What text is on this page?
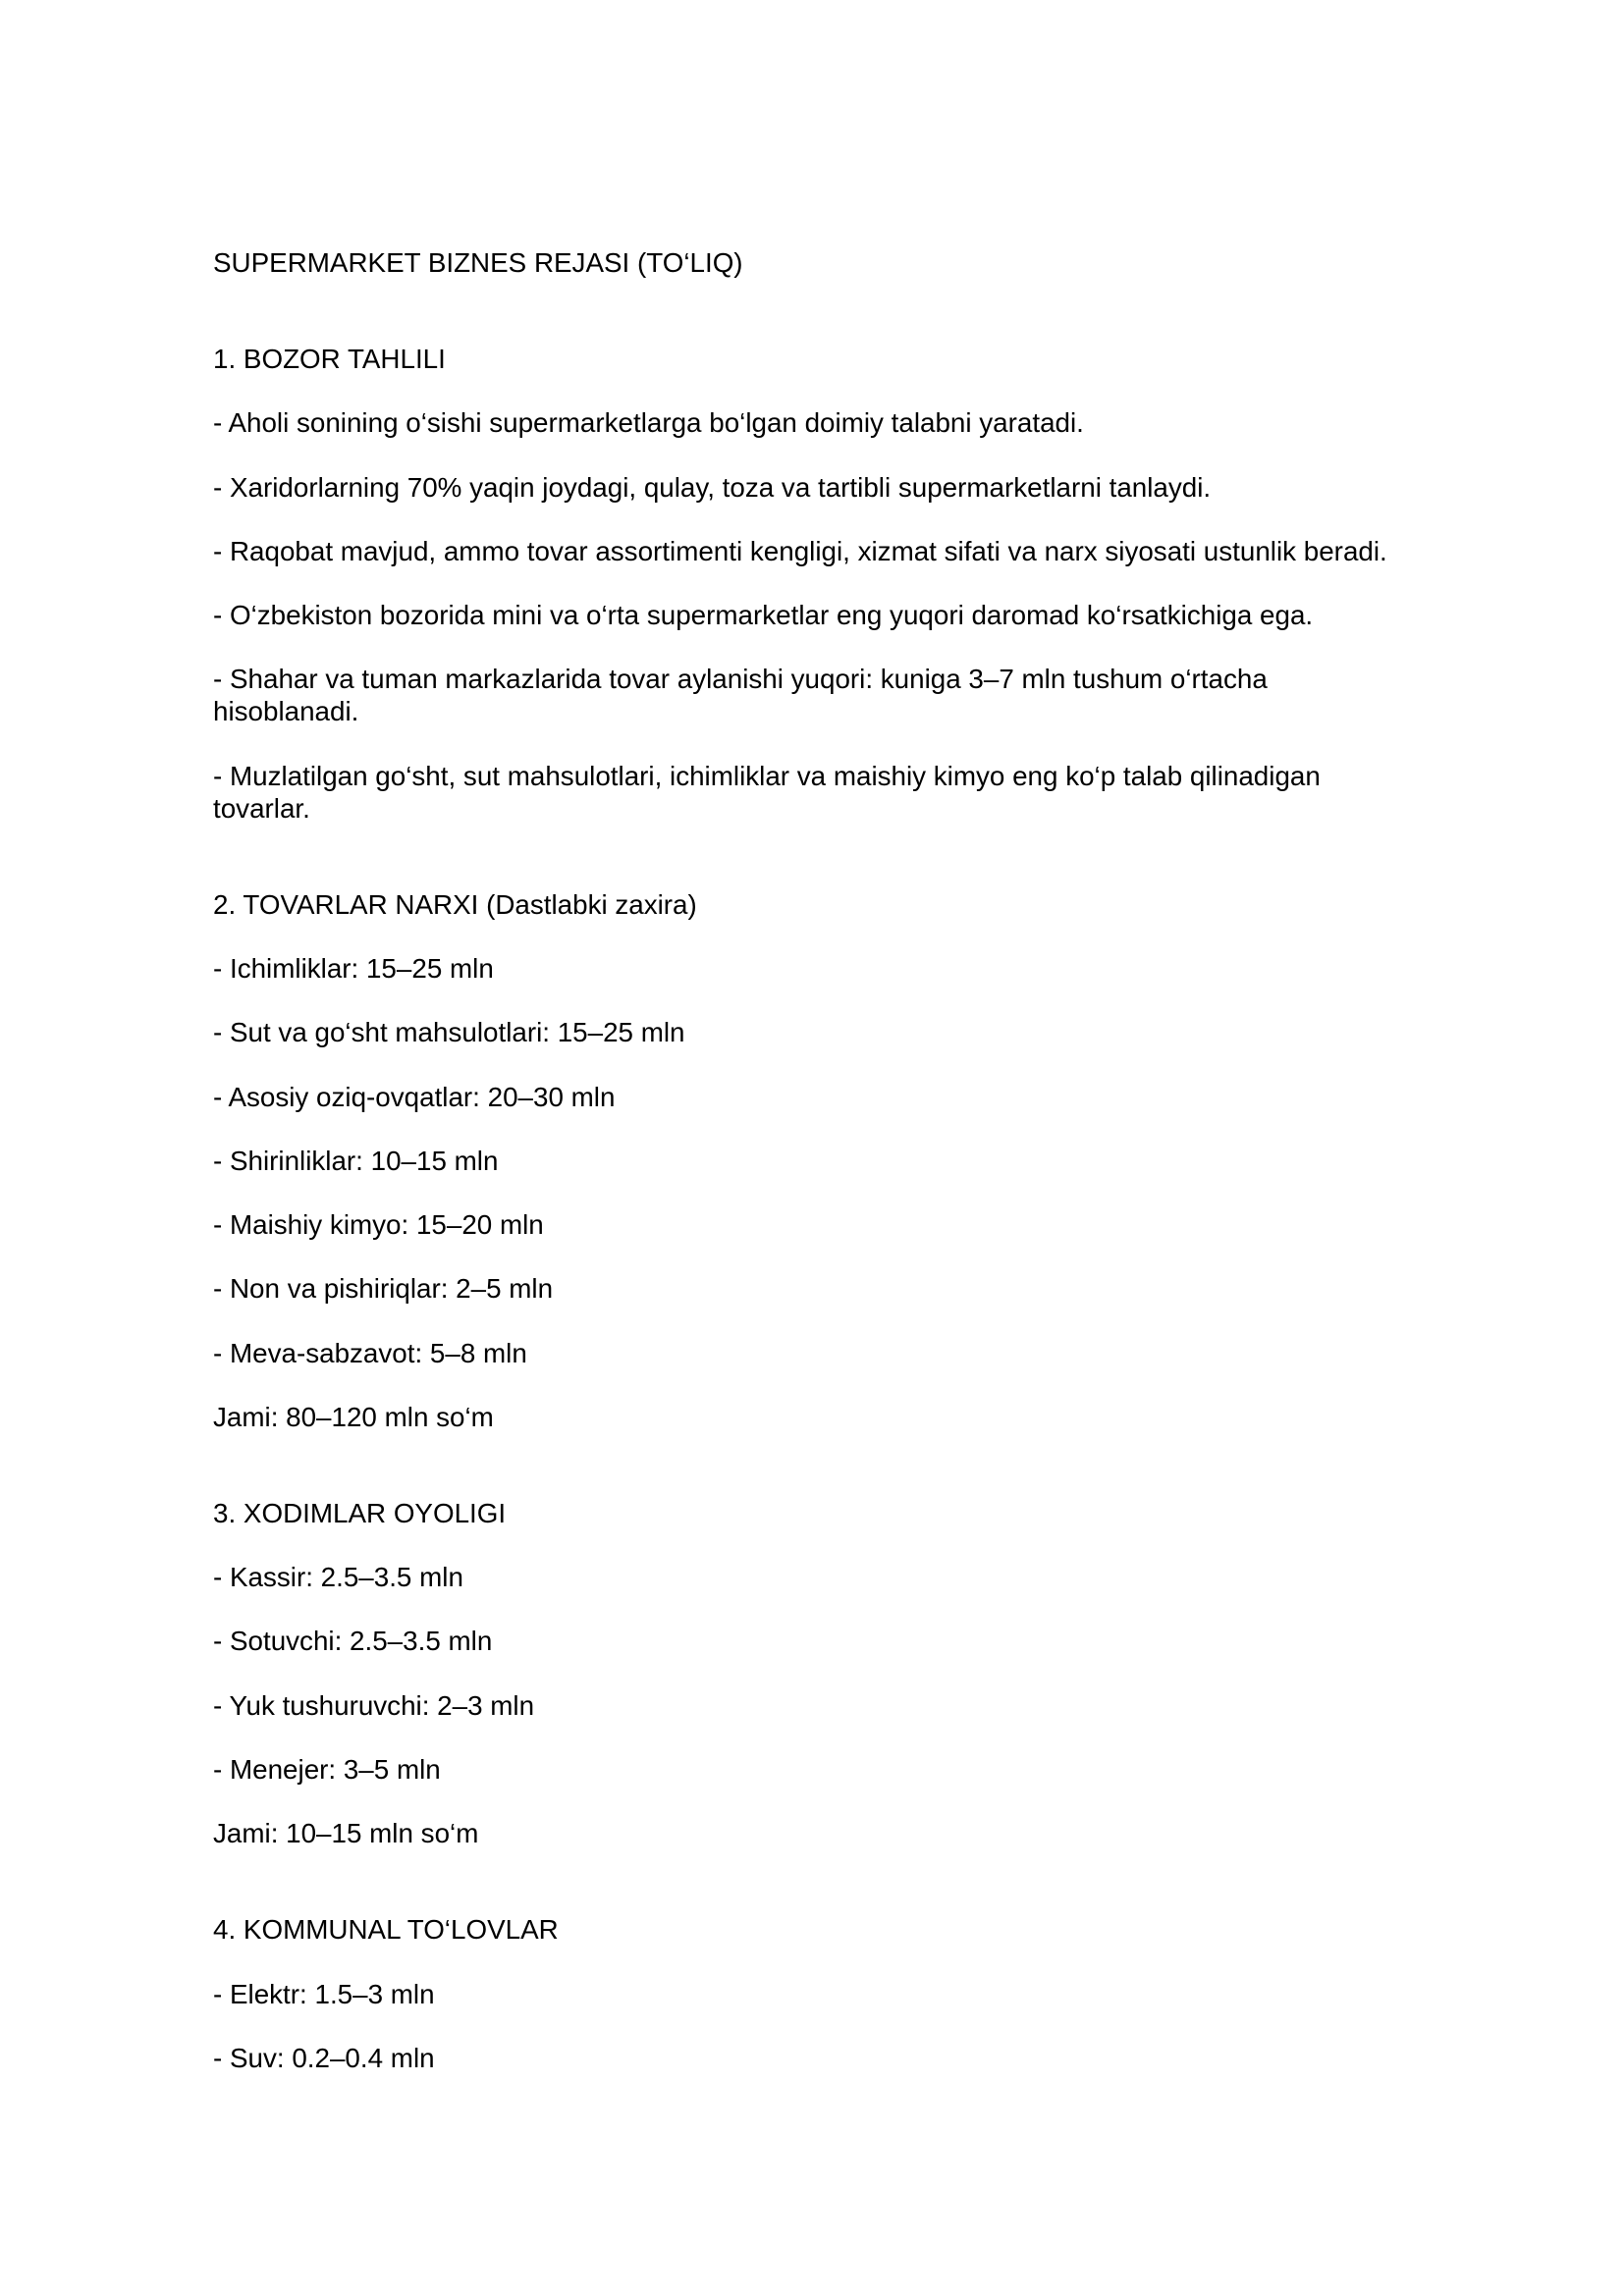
SUPERMARKET BIZNES REJASI (TO‘LIQ)

1. BOZOR TAHLILI

- Aholi sonining o‘sishi supermarketlarga bo‘lgan doimiy talabni yaratadi.

- Xaridorlarning 70% yaqin joydagi, qulay, toza va tartibli supermarketlarni tanlaydi.

- Raqobat mavjud, ammo tovar assortimenti kengligi, xizmat sifati va narx siyosati ustunlik beradi.

- O‘zbekiston bozorida mini va o‘rta supermarketlar eng yuqori daromad ko‘rsatkichiga ega.

- Shahar va tuman markazlarida tovar aylanishi yuqori: kuniga 3–7 mln tushum o‘rtacha
hisoblanadi.

- Muzlatilgan go‘sht, sut mahsulotlari, ichimliklar va maishiy kimyo eng ko‘p talab qilinadigan
tovarlar.

2. TOVARLAR NARXI (Dastlabki zaxira)

- Ichimliklar: 15–25 mln

- Sut va go‘sht mahsulotlari: 15–25 mln

- Asosiy oziq-ovqatlar: 20–30 mln

- Shirinliklar: 10–15 mln

- Maishiy kimyo: 15–20 mln

- Non va pishiriqlar: 2–5 mln

- Meva-sabzavot: 5–8 mln

Jami: 80–120 mln so‘m

3. XODIMLAR OYOLIGI

- Kassir: 2.5–3.5 mln

- Sotuvchi: 2.5–3.5 mln

- Yuk tushuruvchi: 2–3 mln

- Menejer: 3–5 mln

Jami: 10–15 mln so‘m

4. KOMMUNAL TO‘LOVLAR

- Elektr: 1.5–3 mln

- Suv: 0.2–0.4 mln
